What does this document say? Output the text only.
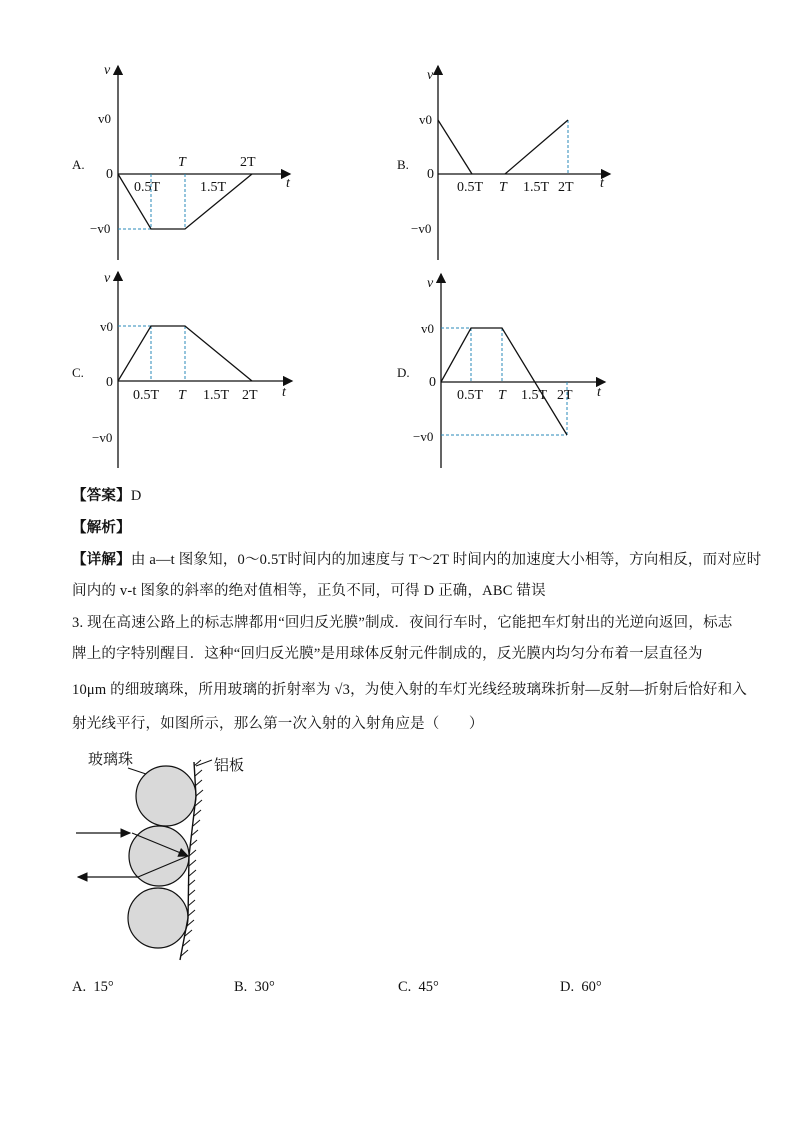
A.
v
v0
0
−v0
t
0.5T
T
1.5T
2T	B.
v
v0
0
−v0
t
0.5T T 1.5T 2T
C.
v
v0
0
−v0
t
0.5T T 1.5T 2T
D.
v
v0
0
−v0
t
0.5T T 1.5T 2T
【答案】D
【解析】
【详解】由 a—t 图象知，0～0.5T时间内的加速度与 T～2T 时间内的加速度大小相等，方向相反，而对应时
间内的 v-t 图象的斜率的绝对值相等，正负不同，可得 D 正确，ABC 错误
3. 现在高速公路上的标志牌都用“回归反光膜”制成．夜间行车时，它能把车灯射出的光逆向返回，标志
牌上的字特别醒目．这种“回归反光膜”是用球体反射元件制成的，反光膜内均匀分布着一层直径为
10μm 的细玻璃珠，所用玻璃的折射率为 √3，为使入射的车灯光线经玻璃珠折射—反射—折射后恰好和入
射光线平行，如图所示，那么第一次入射的入射角应是（　　）
玻璃珠	铝板
A. 15°	B. 30°	C. 45°	D. 60°
